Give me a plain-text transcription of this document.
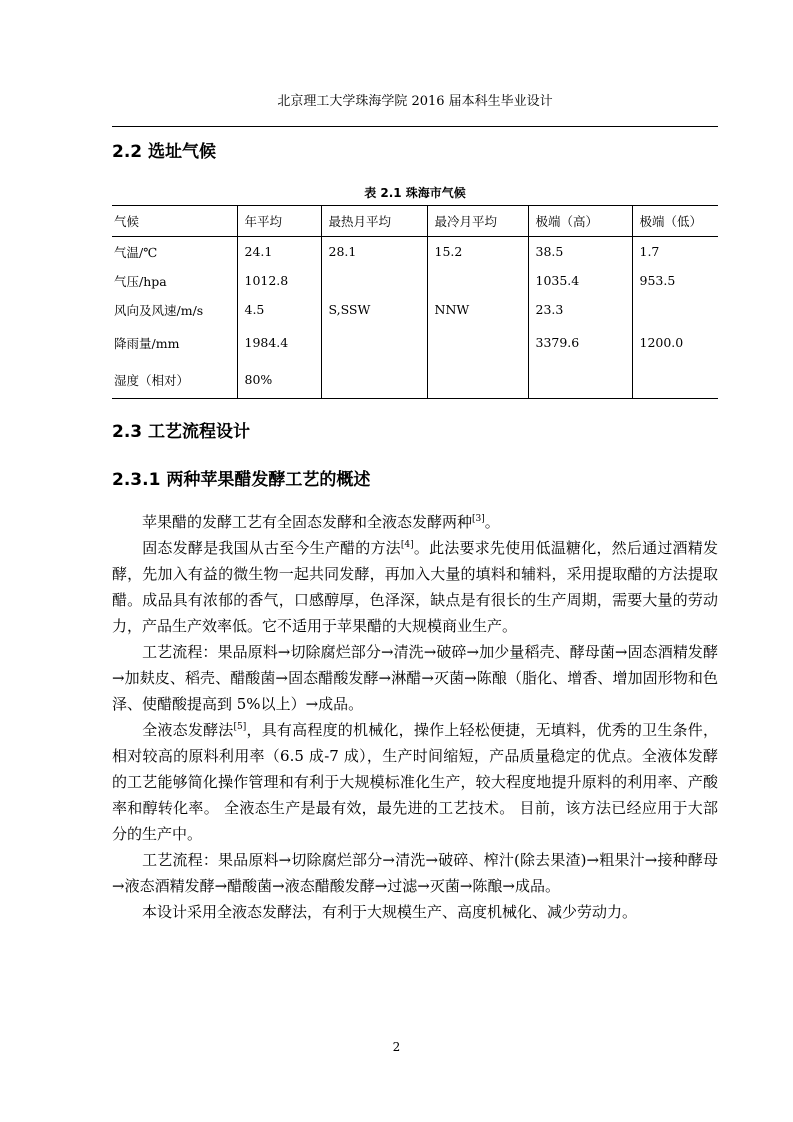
北京理工大学珠海学院 2016 届本科生毕业设计
2.2 选址气候
表 2.1 珠海市气候
气候	年平均	最热月平均	最冷月平均	极端（高）	极端（低）
气温/℃	24.1	28.1	15.2	38.5	1.7
气压/hpa	1012.8			1035.4	953.5
风向及风速/m/s	4.5	S,SSW	NNW	23.3	
降雨量/mm	1984.4			3379.6	1200.0
湿度（相对）	80%				
2.3 工艺流程设计
2.3.1 两种苹果醋发酵工艺的概述

苹果醋的发酵工艺有全固态发酵和全液态发酵两种[3]。

固态发酵是我国从古至今生产醋的方法[4]。此法要求先使用低温糖化，然后通过酒精发酵，先加入有益的微生物一起共同发酵，再加入大量的填料和辅料，采用提取醋的方法提取醋。成品具有浓郁的香气，口感醇厚，色泽深，缺点是有很长的生产周期，需要大量的劳动力，产品生产效率低。它不适用于苹果醋的大规模商业生产。

工艺流程：果品原料→切除腐烂部分→清洗→破碎→加少量稻壳、酵母菌→固态酒精发酵→加麸皮、稻壳、醋酸菌→固态醋酸发酵→淋醋→灭菌→陈酿（脂化、增香、增加固形物和色泽、使醋酸提高到 5%以上）→成品。

全液态发酵法[5]，具有高程度的机械化，操作上轻松便捷，无填料，优秀的卫生条件，相对较高的原料利用率（6.5 成-7 成），生产时间缩短，产品质量稳定的优点。全液体发酵的工艺能够简化操作管理和有利于大规模标准化生产，较大程度地提升原料的利用率、产酸率和醇转化率。 全液态生产是最有效，最先进的工艺技术。 目前，该方法已经应用于大部分的生产中。

工艺流程：果品原料→切除腐烂部分→清洗→破碎、榨汁(除去果渣)→粗果汁→接种酵母→液态酒精发酵→醋酸菌→液态醋酸发酵→过滤→灭菌→陈酿→成品。

本设计采用全液态发酵法，有利于大规模生产、高度机械化、减少劳动力。

2
